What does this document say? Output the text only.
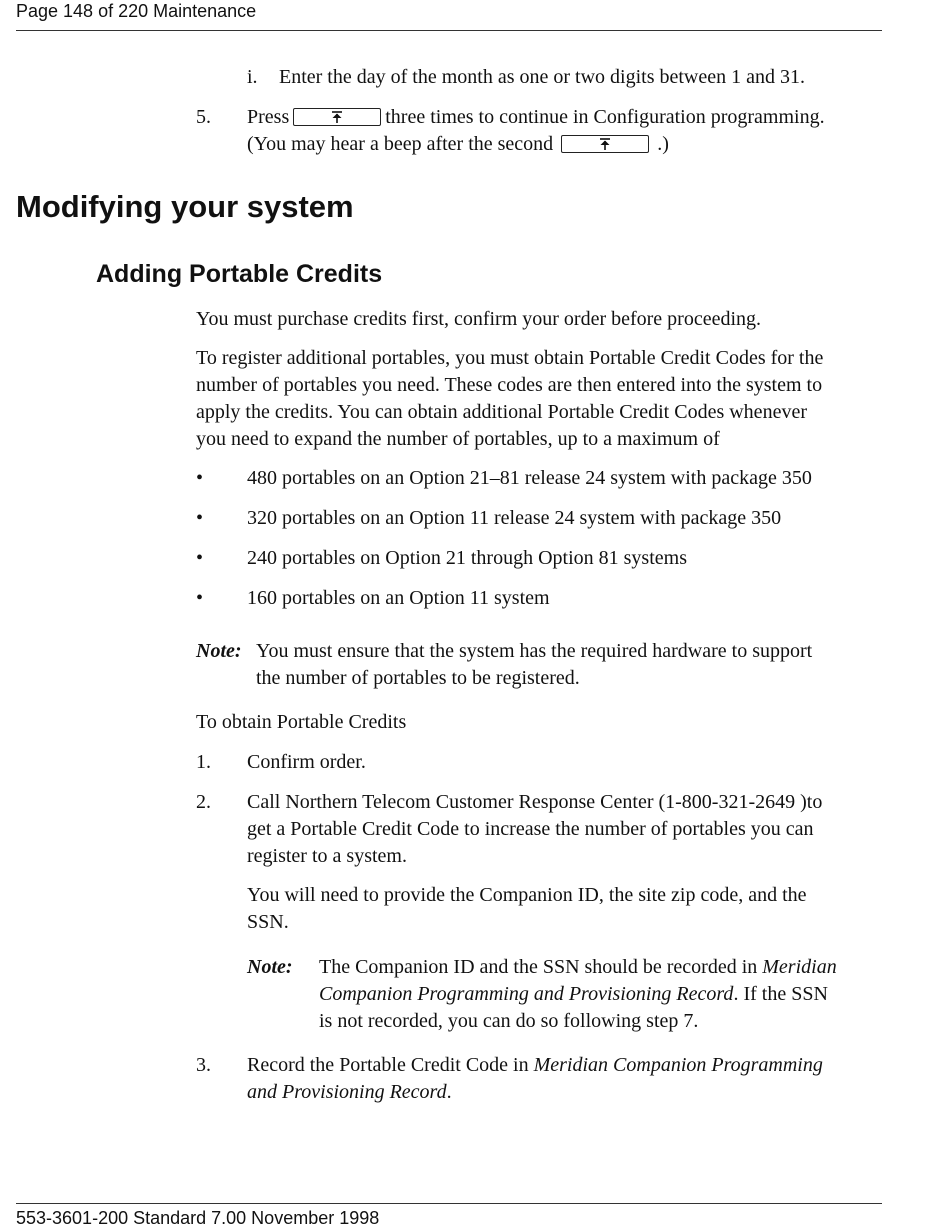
Page 148 of 220 Maintenance
i. Enter the day of the month as one or two digits between 1 and 31.
5. Press	three times to continue in Configuration programming.
(You may hear a beep after the second	.)
Modifying your system
Adding Portable Credits
You must purchase credits first, confirm your order before proceeding.
To register additional portables, you must obtain Portable Credit Codes for the
number of portables you need. These codes are then entered into the system to
apply the credits. You can obtain additional Portable Credit Codes whenever
you need to expand the number of portables, up to a maximum of
• 480 portables on an Option 21–81 release 24 system with package 350
• 320 portables on an Option 11 release 24 system with package 350
• 240 portables on Option 21 through Option 81 systems
• 160 portables on an Option 11 system
Note: You must ensure that the system has the required hardware to support
the number of portables to be registered.
To obtain Portable Credits
1. Confirm order.
2. Call Northern Telecom Customer Response Center (1-800-321-2649 )to
get a Portable Credit Code to increase the number of portables you can
register to a system.
You will need to provide the Companion ID, the site zip code, and the
SSN.
Note: The Companion ID and the SSN should be recorded in Meridian
Companion Programming and Provisioning Record. If the SSN
is not recorded, you can do so following step 7.
3. Record the Portable Credit Code in Meridian Companion Programming
and Provisioning Record.
553-3601-200 Standard 7.00 November 1998
